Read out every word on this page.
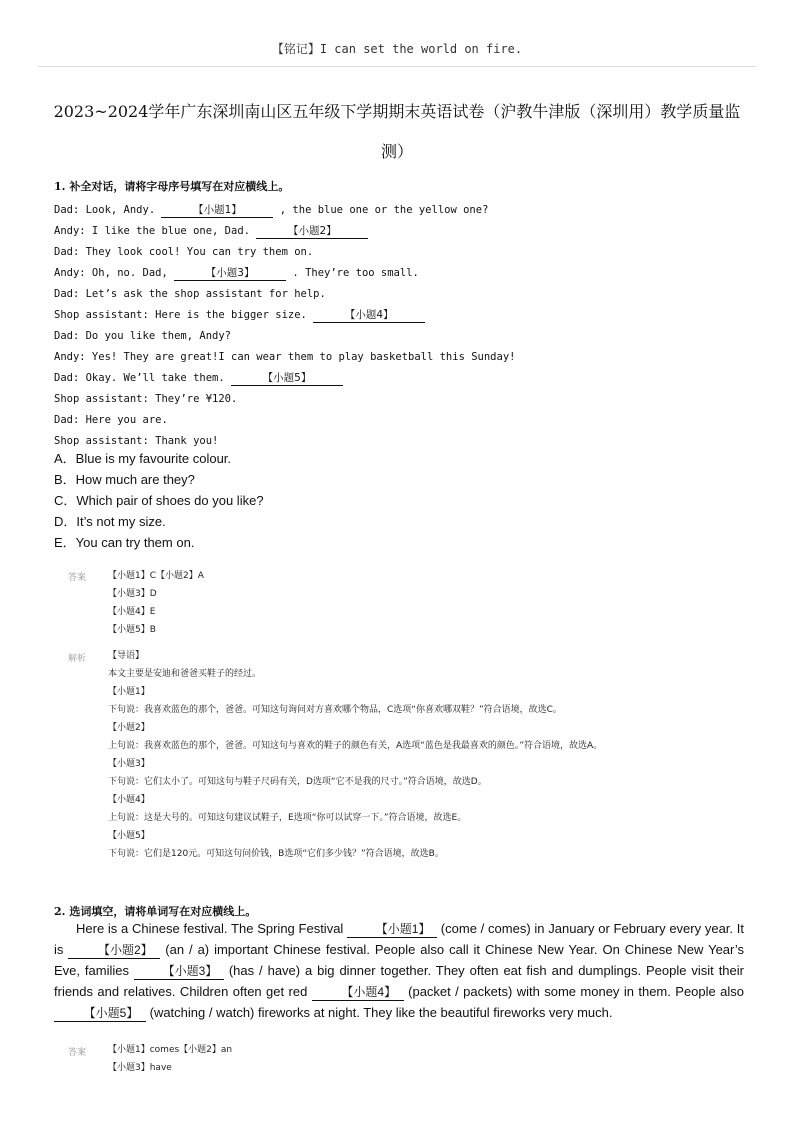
【铭记】I can set the world on fire.
2023~2024学年广东深圳南山区五年级下学期期末英语试卷（沪教牛津版（深圳用）教学质量监
测）
1. 补全对话，请将字母序号填写在对应横线上。
Dad: Look, Andy.	【小题1】	, the blue one or the yellow one?
Andy: I like the blue one, Dad.	【小题2】
Dad: They look cool! You can try them on.
Andy: Oh, no. Dad,	【小题3】	. They’re too small.
Dad: Let’s ask the shop assistant for help.
Shop assistant: Here is the bigger size.	【小题4】
Dad: Do you like them, Andy?
Andy: Yes! They are great!I can wear them to play basketball this Sunday!
Dad: Okay. We’ll take them.	【小题5】
Shop assistant: They’re ¥120.
Dad: Here you are.
Shop assistant: Thank you!
A．Blue is my favourite colour.
B．How much are they?
C．Which pair of shoes do you like?
D．It’s not my size.
E．You can try them on.
答案 【小题1】C【小题2】A
【小题3】D
【小题4】E
【小题5】B
解析 【导语】
本文主要是安迪和爸爸买鞋子的经过。
【小题1】
下句说：我喜欢蓝色的那个，爸爸。可知这句询问对方喜欢哪个物品，C选项“你喜欢哪双鞋？”符合语境，故选C。
【小题2】
上句说：我喜欢蓝色的那个，爸爸。可知这句与喜欢的鞋子的颜色有关，A选项“蓝色是我最喜欢的颜色。”符合语境，故选A。
【小题3】
下句说：它们太小了。可知这句与鞋子尺码有关，D选项“它不是我的尺寸。”符合语境，故选D。
【小题4】
上句说：这是大号的。可知这句建议试鞋子，E选项“你可以试穿一下。”符合语境，故选E。
【小题5】
下句说：它们是120元。可知这句问价钱，B选项“它们多少钱？”符合语境，故选B。
2. 选词填空，请将单词写在对应横线上。
Here is a Chinese festival. The Spring Festival 【小题1】 (come / comes) in January or February every year. It is 【小题2】 (an / a) important Chinese festival. People also call it Chinese New Year. On Chinese New Year’s Eve, families 【小题3】 (has / have) a big dinner together. They often eat fish and dumplings. People visit their friends and relatives. Children often get red 【小题4】 (packet / packets) with some money in them. People also 【小题5】 (watching / watch) fireworks at night. They like the beautiful fireworks very much.
答案 【小题1】comes【小题2】an
【小题3】have
